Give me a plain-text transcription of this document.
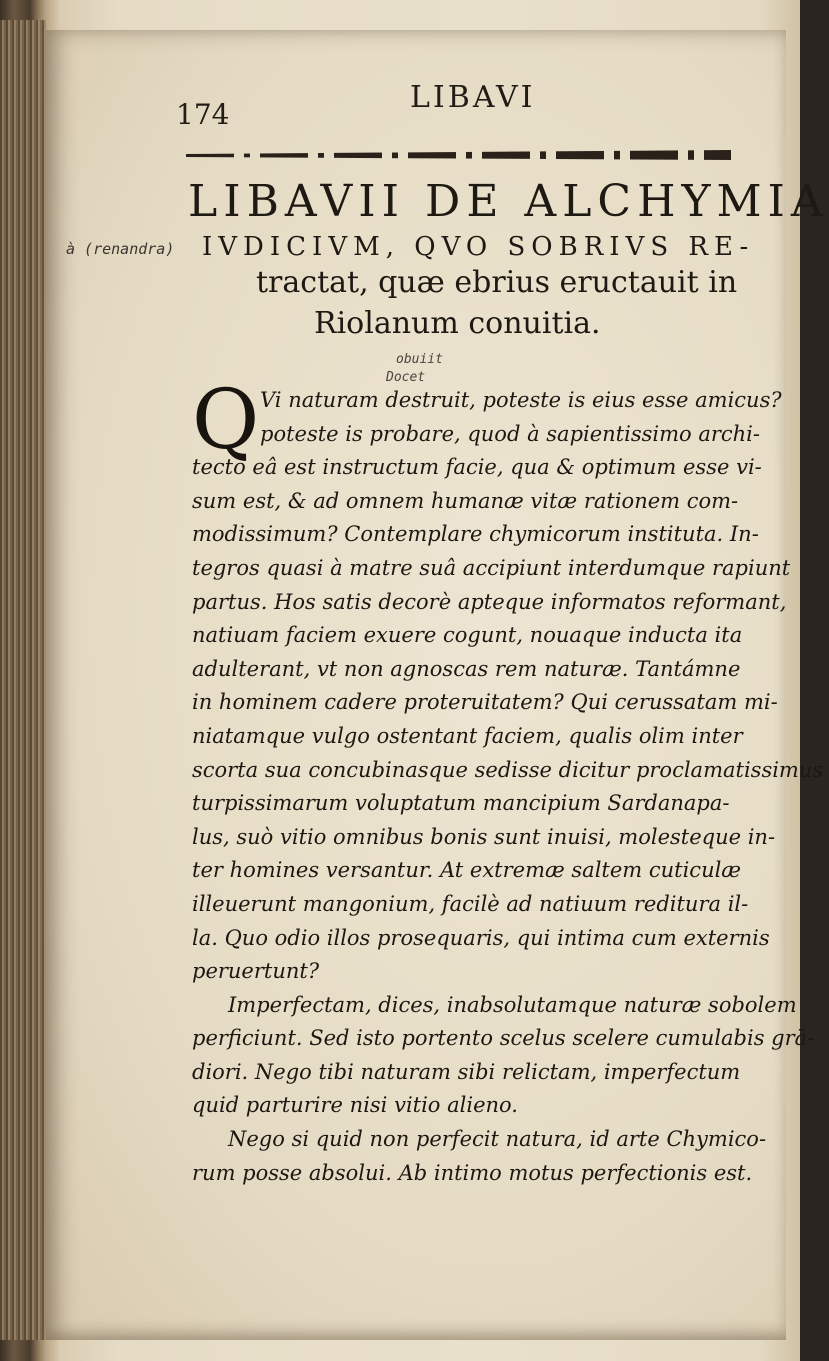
174	LIBAVI
LIBAVII DE ALCHYMIA
à (renandra) IVDICIVM, QVO SOBRIVS RE-
tractat, quæ ebrius eructauit in
Riolanum conuitia.
obuiit
Docet
Q Vi naturam destruit, poteste is eius esse amicus?
poteste is probare, quod à sapientissimo archi-
tecto eâ est instructum facie, qua & optimum esse vi-
sum est, & ad omnem humanæ vitæ rationem com-
modissimum? Contemplare chymicorum instituta. In-
tegros quasi à matre suâ accipiunt interdumque rapiunt
partus. Hos satis decorè apteque informatos reformant,
natiuam faciem exuere cogunt, nouaque inducta ita
adulterant, vt non agnoscas rem naturæ. Tantámne
in hominem cadere proteruitatem? Qui cerussatam mi-
niatamque vulgo ostentant faciem, qualis olim inter
scorta sua concubinasque sedisse dicitur proclamatissimus
turpissimarum voluptatum mancipium Sardanapa-
lus, suò vitio omnibus bonis sunt inuisi, molesteque in-
ter homines versantur. At extremæ saltem cuticulæ
illeuerunt mangonium, facilè ad natiuum reditura il-
la. Quo odio illos prosequaris, qui intima cum externis
peruertunt?
Imperfectam, dices, inabsolutamque naturæ sobolem
perficiunt. Sed isto portento scelus scelere cumulabis grā-
diori. Nego tibi naturam sibi relictam, imperfectum
quid parturire nisi vitio alieno.
Nego si quid non perfecit natura, id arte Chymico-
rum posse absolui. Ab intimo motus perfectionis est.
